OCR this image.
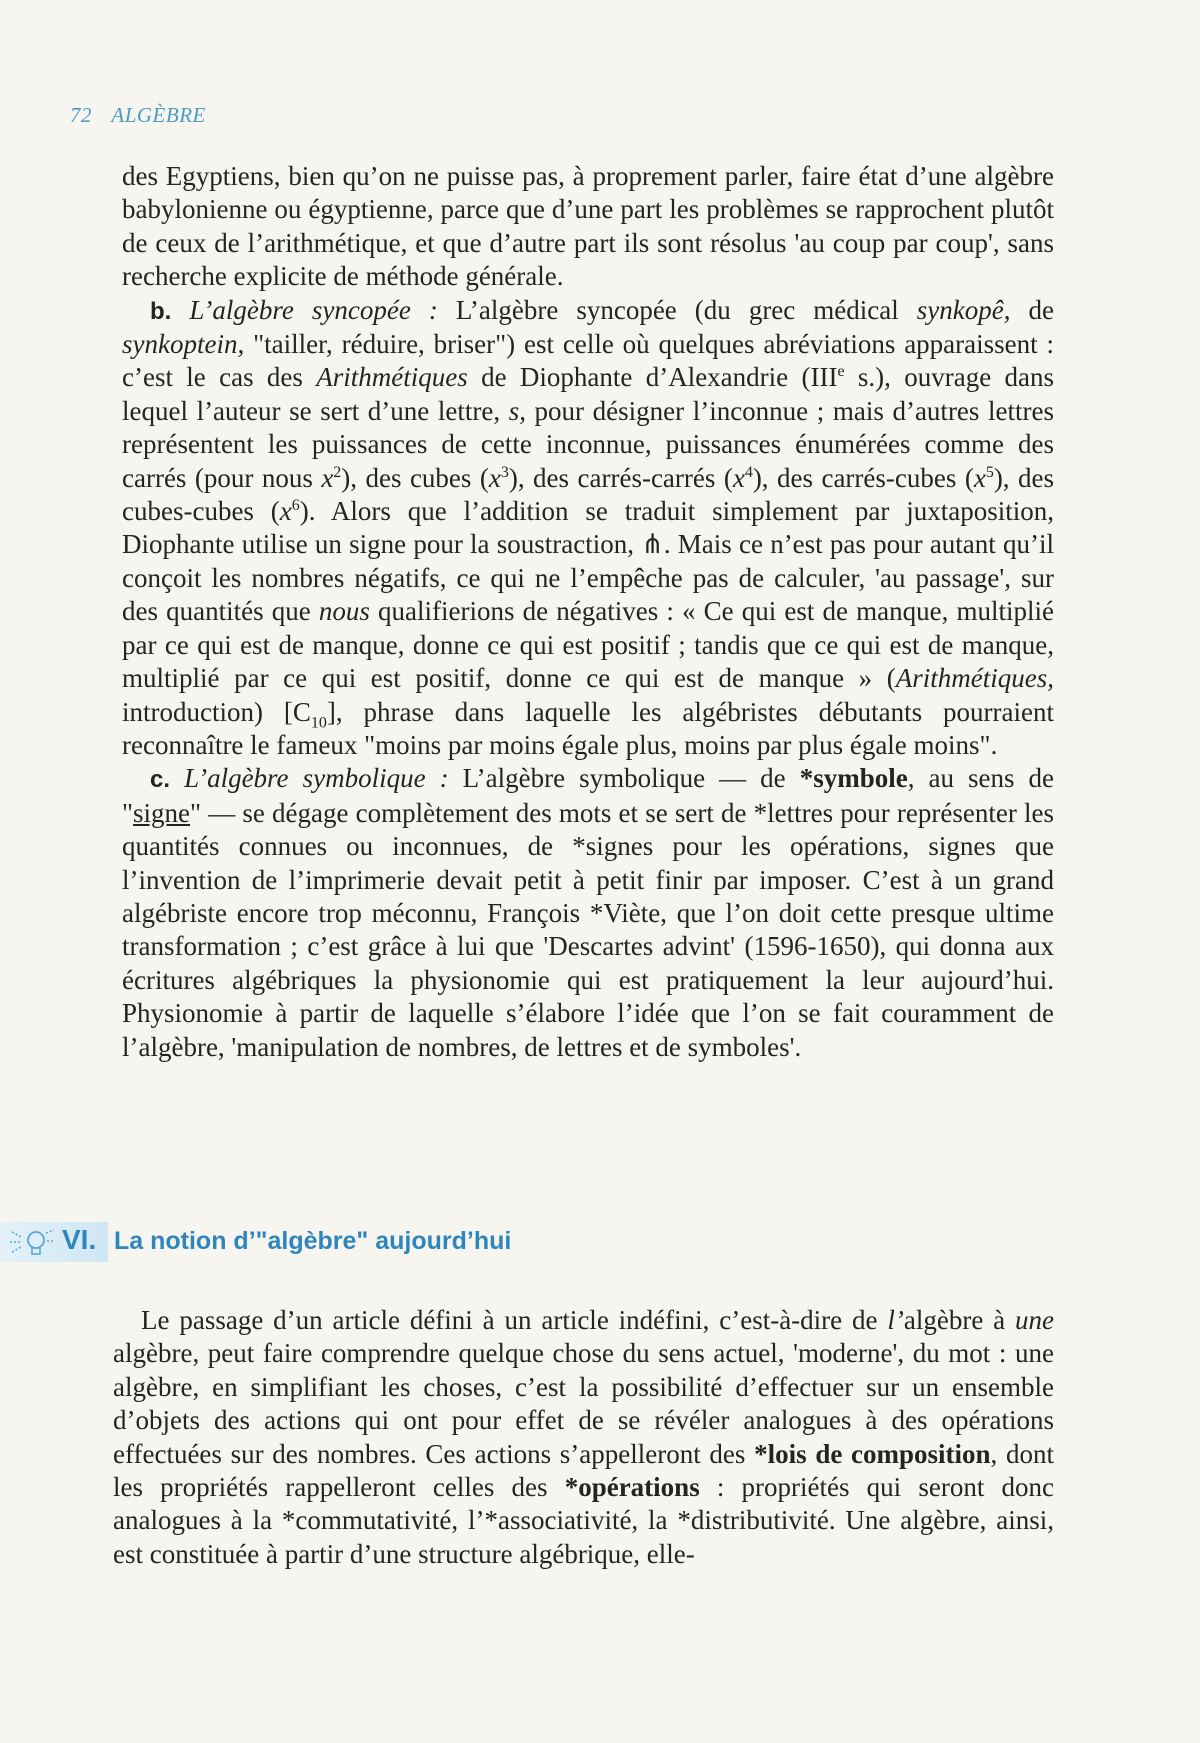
72 ALGÈBRE

des Egyptiens, bien qu’on ne puisse pas, à proprement parler, faire état d’une algèbre babylonienne ou égyptienne, parce que d’une part les problèmes se rapprochent plutôt de ceux de l’arithmétique, et que d’autre part ils sont résolus 'au coup par coup', sans recherche explicite de méthode générale.

b. L’algèbre syncopée : L’algèbre syncopée (du grec médical synkopê, de synkoptein, "tailler, réduire, briser") est celle où quelques abréviations apparaissent : c’est le cas des Arithmétiques de Diophante d’Alexandrie (IIIe s.), ouvrage dans lequel l’auteur se sert d’une lettre, s, pour désigner l’inconnue ; mais d’autres lettres représentent les puissances de cette inconnue, puissances énumérées comme des carrés (pour nous $x^2$), des cubes $(x^3)$, des carrés-carrés $(x^4)$, des carrés-cubes $(x^5)$, des cubes-cubes $(x^6)$. Alors que l’addition se traduit simplement par juxtaposition, Diophante utilise un signe pour la soustraction, ⋔. Mais ce n’est pas pour autant qu’il conçoit les nombres négatifs, ce qui ne l’empêche pas de calculer, 'au passage', sur des quantités que nous qualifierions de négatives : « Ce qui est de manque, multiplié par ce qui est de manque, donne ce qui est positif ; tandis que ce qui est de manque, multiplié par ce qui est positif, donne ce qui est de manque » (Arithmétiques, introduction) $[C_{10}]$, phrase dans laquelle les algébristes débutants pourraient reconnaître le fameux "moins par moins égale plus, moins par plus égale moins".

c. L’algèbre symbolique : L’algèbre symbolique — de *symbole, au sens de "signe" — se dégage complètement des mots et se sert de *lettres pour représenter les quantités connues ou inconnues, de *signes pour les opérations, signes que l’invention de l’imprimerie devait petit à petit finir par imposer. C’est à un grand algébriste encore trop méconnu, François *Viète, que l’on doit cette presque ultime transformation ; c’est grâce à lui que 'Descartes advint' (1596-1650), qui donna aux écritures algébriques la physionomie qui est pratiquement la leur aujourd’hui. Physionomie à partir de laquelle s’élabore l’idée que l’on se fait couramment de l’algèbre, 'manipulation de nombres, de lettres et de symboles'.

VI. La notion d’"algèbre" aujourd’hui

Le passage d’un article défini à un article indéfini, c’est-à-dire de l’algèbre à une algèbre, peut faire comprendre quelque chose du sens actuel, 'moderne', du mot : une algèbre, en simplifiant les choses, c’est la possibilité d’effectuer sur un ensemble d’objets des actions qui ont pour effet de se révéler analogues à des opérations effectuées sur des nombres. Ces actions s’appelleront des *lois de composition, dont les propriétés rappelleront celles des *opérations : propriétés qui seront donc analogues à la *commutativité, l’*associativité, la *distributivité. Une algèbre, ainsi, est constituée à partir d’une structure algébrique, elle-
